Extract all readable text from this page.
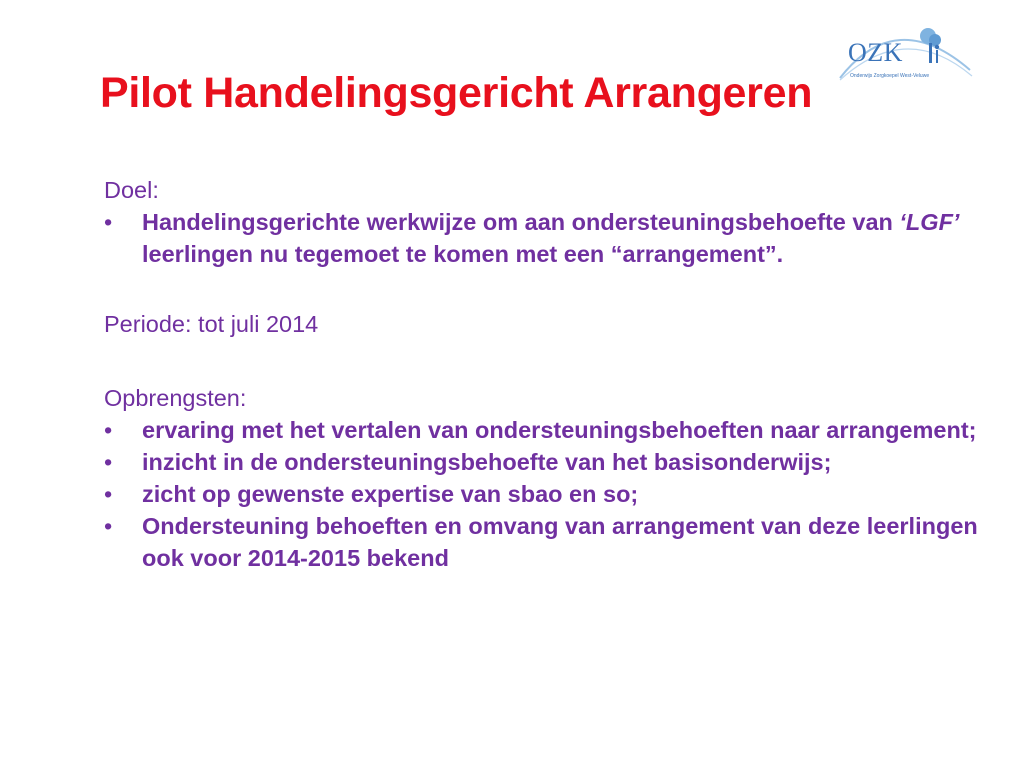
Pilot Handelingsgericht Arrangeren
OZK
Onderwijs Zorgkoepel West-Veluwe

Doel:

• Handelingsgerichte werkwijze om aan ondersteuningsbehoefte van ‘LGF’ leerlingen nu tegemoet te komen met een “arrangement”.

Periode: tot juli 2014

Opbrengsten:

• ervaring met het vertalen van ondersteuningsbehoeften naar arrangement;
• inzicht in de ondersteuningsbehoefte van het basisonderwijs;
• zicht op gewenste expertise van sbao en so;
• Ondersteuning behoeften en omvang van arrangement van deze leerlingen ook voor 2014-2015 bekend
